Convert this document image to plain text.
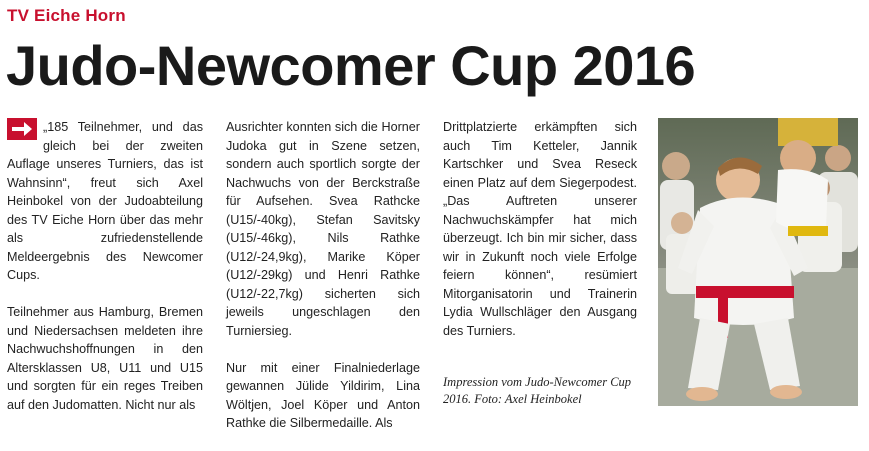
TV Eiche Horn
Judo-Newcomer Cup 2016

„185 Teilnehmer, und das gleich bei der zweiten Auflage unseres Turniers, das ist Wahnsinn“, freut sich Axel Heinbokel von der Judoabteilung des TV Eiche Horn über das mehr als zufriedenstellende Meldeergebnis des Newcomer Cups.

Teilnehmer aus Hamburg, Bremen und Niedersachsen meldeten ihre Nachwuchshoffnungen in den Altersklassen U8, U11 und U15 und sorgten für ein reges Treiben auf den Judomatten. Nicht nur als

Ausrichter konnten sich die Horner Judoka gut in Szene setzen, sondern auch sportlich sorgte der Nachwuchs von der Berckstraße für Aufsehen. Svea Rathcke (U15/-40kg), Stefan Savitsky (U15/-46kg), Nils Rathke (U12/-24,9kg), Marike Köper (U12/-29kg) und Henri Rathke (U12/-22,7kg) sicherten sich jeweils ungeschlagen den Turniersieg.

Nur mit einer Finalniederlage gewannen Jülide Yildirim, Lina Wöltjen, Joel Köper und Anton Rathke die Silbermedaille. Als

Drittplatzierte erkämpften sich auch Tim Ketteler, Jannik Kartschker und Svea Reseck einen Platz auf dem Siegerpodest. „Das Auftreten unserer Nachwuchskämpfer hat mich überzeugt. Ich bin mir sicher, dass wir in Zukunft noch viele Erfolge feiern können“, resümiert Mitorganisatorin und Trainerin Lydia Wullschläger den Ausgang des Turniers.

Impression vom Judo-Newcomer Cup 2016. Foto: Axel Heinbokel
